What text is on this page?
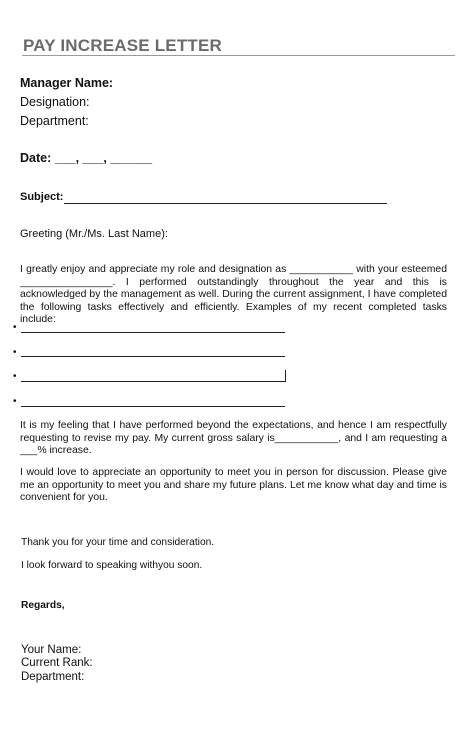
PAY INCREASE LETTER
Manager Name:
Designation:
Department:
Date: ___, ___, ______
Subject:
Greeting (Mr./Ms. Last Name):
I greatly enjoy and appreciate my role and designation as ___________ with your esteemed ________________. I performed outstandingly throughout the year and this is acknowledged by the management as well. During the current assignment, I have completed the following tasks effectively and efficiently. Examples of my recent completed tasks include:
•
•
•
•
It is my feeling that I have performed beyond the expectations, and hence I am respectfully requesting to revise my pay. My current gross salary is___________, and I am requesting a ___% increase.
I would love to appreciate an opportunity to meet you in person for discussion. Please give me an opportunity to meet you and share my future plans. Let me know what day and time is convenient for you.
Thank you for your time and consideration.
I look forward to speaking withyou soon.
Regards,
Your Name:
Current Rank:
Department:
